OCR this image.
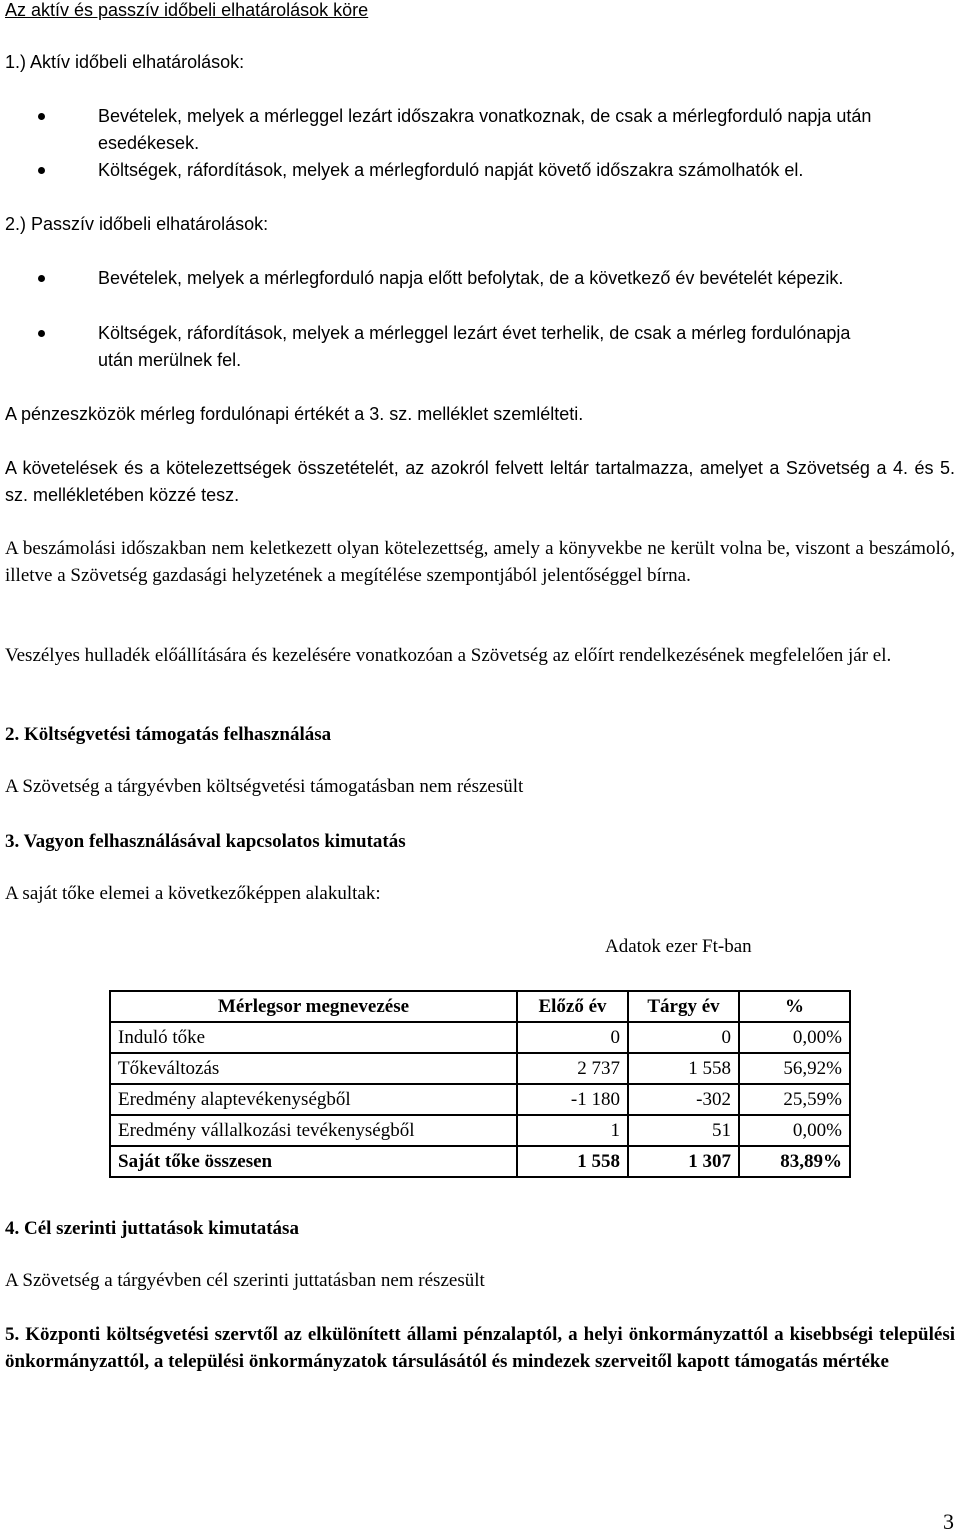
Az aktív és passzív időbeli elhatárolások köre
1.) Aktív időbeli elhatárolások:
Bevételek, melyek a mérleggel lezárt időszakra vonatkoznak, de csak a mérlegforduló napja után esedékesek.
Költségek, ráfordítások, melyek a mérlegforduló napját követő időszakra számolhatók el.
2.) Passzív időbeli elhatárolások:
Bevételek, melyek a mérlegforduló napja előtt befolytak, de a következő év bevételét képezik.
Költségek, ráfordítások, melyek a mérleggel lezárt évet terhelik, de csak a mérleg fordulónapja után merülnek fel.
A pénzeszközök mérleg fordulónapi értékét a 3. sz. melléklet szemlélteti.
A követelések és a kötelezettségek összetételét, az azokról felvett leltár tartalmazza, amelyet a Szövetség a 4. és 5. sz. mellékletében közzé tesz.
A beszámolási időszakban nem keletkezett olyan kötelezettség, amely a könyvekbe ne került volna be, viszont a beszámoló, illetve a Szövetség gazdasági helyzetének a megítélése szempontjából jelentőséggel bírna.
Veszélyes hulladék előállítására és kezelésére vonatkozóan a Szövetség az előírt rendelkezésének megfelelően jár el.
2. Költségvetési támogatás felhasználása
A Szövetség a tárgyévben költségvetési támogatásban nem részesült
3. Vagyon felhasználásával kapcsolatos kimutatás
A saját tőke elemei a következőképpen alakultak:
Adatok ezer Ft-ban
Mérlegsor megnevezése	Előző év	Tárgy év	%
Induló tőke	0	0	0,00%
Tőkeváltozás	2 737	1 558	56,92%
Eredmény alaptevékenységből	-1 180	-302	25,59%
Eredmény vállalkozási tevékenységből	1	51	0,00%
Saját tőke összesen	1 558	1 307	83,89%
4. Cél szerinti juttatások kimutatása
A Szövetség a tárgyévben cél szerinti juttatásban nem részesült
5. Központi költségvetési szervtől az elkülönített állami pénzalaptól, a helyi önkormányzattól a kisebbségi települési önkormányzattól, a települési önkormányzatok társulásától és mindezek szerveitől kapott támogatás mértéke
3
